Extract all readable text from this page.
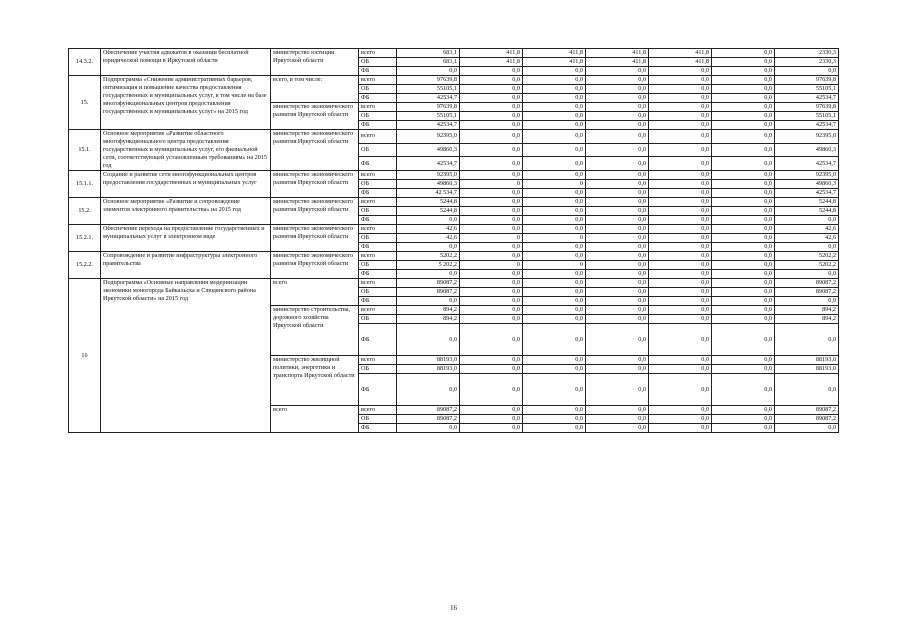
14.3.2.	Обеспечение участия адвокатов в оказании бесплатной юридической помощи в Иркутской области	министерство юстиции Иркутской области	всего	683,1	411,8	411,8	411,8	411,8	0,0	2330,3
			ОБ	683,1	411,8	411,8	411,8	411,8	0,0	2330,3
			ФБ	0,0	0,0	0,0	0,0	0,0	0,0	0,0
15.	Подпрограмма «Снижение административных барьеров, оптимизация и повышение качества предоставления государственных и муниципальных услуг, в том числе на базе многофункциональных центров предоставления государственных и муниципальных услуг» на 2015 год	всего, в том числе:	всего	97639,8	0,0	0,0	0,0	0,0	0,0	97639,8
			ОБ	55105,1	0,0	0,0	0,0	0,0	0,0	55105,1
			ФБ	42534,7	0,0	0,0	0,0	0,0	0,0	42534,7
		министерство экономического развития Иркутской области	всего	97639,8	0,0	0,0	0,0	0,0	0,0	97639,8
			ОБ	55105,1	0,0	0,0	0,0	0,0	0,0	55105,1
			ФБ	42534,7	0,0	0,0	0,0	0,0	0,0	42534,7
15.1.	Основное мероприятие «Развитие областного многофункционального центра предоставления государственных и муниципальных услуг, его филиальной сети, соответствующей установленным требованиям» на 2015 год	министерство экономического развития Иркутской области	всего	92395,0	0,0	0,0	0,0	0,0	0,0	92395,0
			ОБ	49860,3	0,0	0,0	0,0	0,0	0,0	49860,3
			ФБ	42534,7	0,0	0,0	0,0	0,0	0,0	42534,7
15.1.1.	Создание и развитие сети многофункциональных центров предоставления государственных и муниципальных услуг	министерство экономического развития Иркутской области	всего	92395,0	0,0	0,0	0,0	0,0	0,0	92395,0
			ОБ	49860,3	0	0	0,0	0,0	0,0	49860,3
			ФБ	42 534,7	0,0	0,0	0,0	0,0	0,0	42534,7
15.2.	Основное мероприятие «Развитие и сопровождение элементов электронного правительства» на 2015 год	министерство экономического развития Иркутской области	всего	5244,8	0,0	0,0	0,0	0,0	0,0	5244,8
			ОБ	5244,8	0,0	0,0	0,0	0,0	0,0	5244,8
			ФБ	0,0	0,0	0,0	0,0	0,0	0,0	0,0
15.2.1.	Обеспечение перехода на предоставление государственных и муниципальных услуг в электронном виде	министерство экономического развития Иркутской области	всего	42,6	0,0	0,0	0,0	0,0	0,0	42,6
			ОБ	42,6	0	0	0,0	0,0	0,0	42,6
			ФБ	0,0	0,0	0,0	0,0	0,0	0,0	0,0
15.2.2.	Сопровождение и развитие инфраструктуры электронного правительства	министерство экономического развития Иркутской области	всего	5202,2	0,0	0,0	0,0	0,0	0,0	5202,2
			ОБ	5 202,2	0	0	0,0	0,0	0,0	5202,2
			ФБ	0,0	0,0	0,0	0,0	0,0	0,0	0,0
16	Подпрограмма «Основные направления модернизации экономики моногорода Байкальска и Слюдянского района Иркутской области» на 2015 год	всего	всего	89087,2	0,0	0,0	0,0	0,0	0,0	89087,2
			ОБ	89087,2	0,0	0,0	0,0	0,0	0,0	89087,2
			ФБ	0,0	0,0	0,0	0,0	0,0	0,0	0,0
		министерство строительства, дорожного хозяйства Иркутской области	всего	894,2	0,0	0,0	0,0	0,0	0,0	894,2
			ОБ	894,2	0,0	0,0	0,0	0,0	0,0	894,2
			ФБ	0,0	0,0	0,0	0,0	0,0	0,0	0,0
		министерство жилищной политики, энергетики и транспорта Иркутской области	всего	88193,0	0,0	0,0	0,0	0,0	0,0	88193,0
			ОБ	88193,0	0,0	0,0	0,0	0,0	0,0	88193,0
			ФБ	0,0	0,0	0,0	0,0	0,0	0,0	0,0
		всего	всего	89087,2	0,0	0,0	0,0	0,0	0,0	89087,2
			ОБ	89087,2	0,0	0,0	0,0	0,0	0,0	89087,2
			ФБ	0,0	0,0	0,0	0,0	0,0	0,0	0,0
16
